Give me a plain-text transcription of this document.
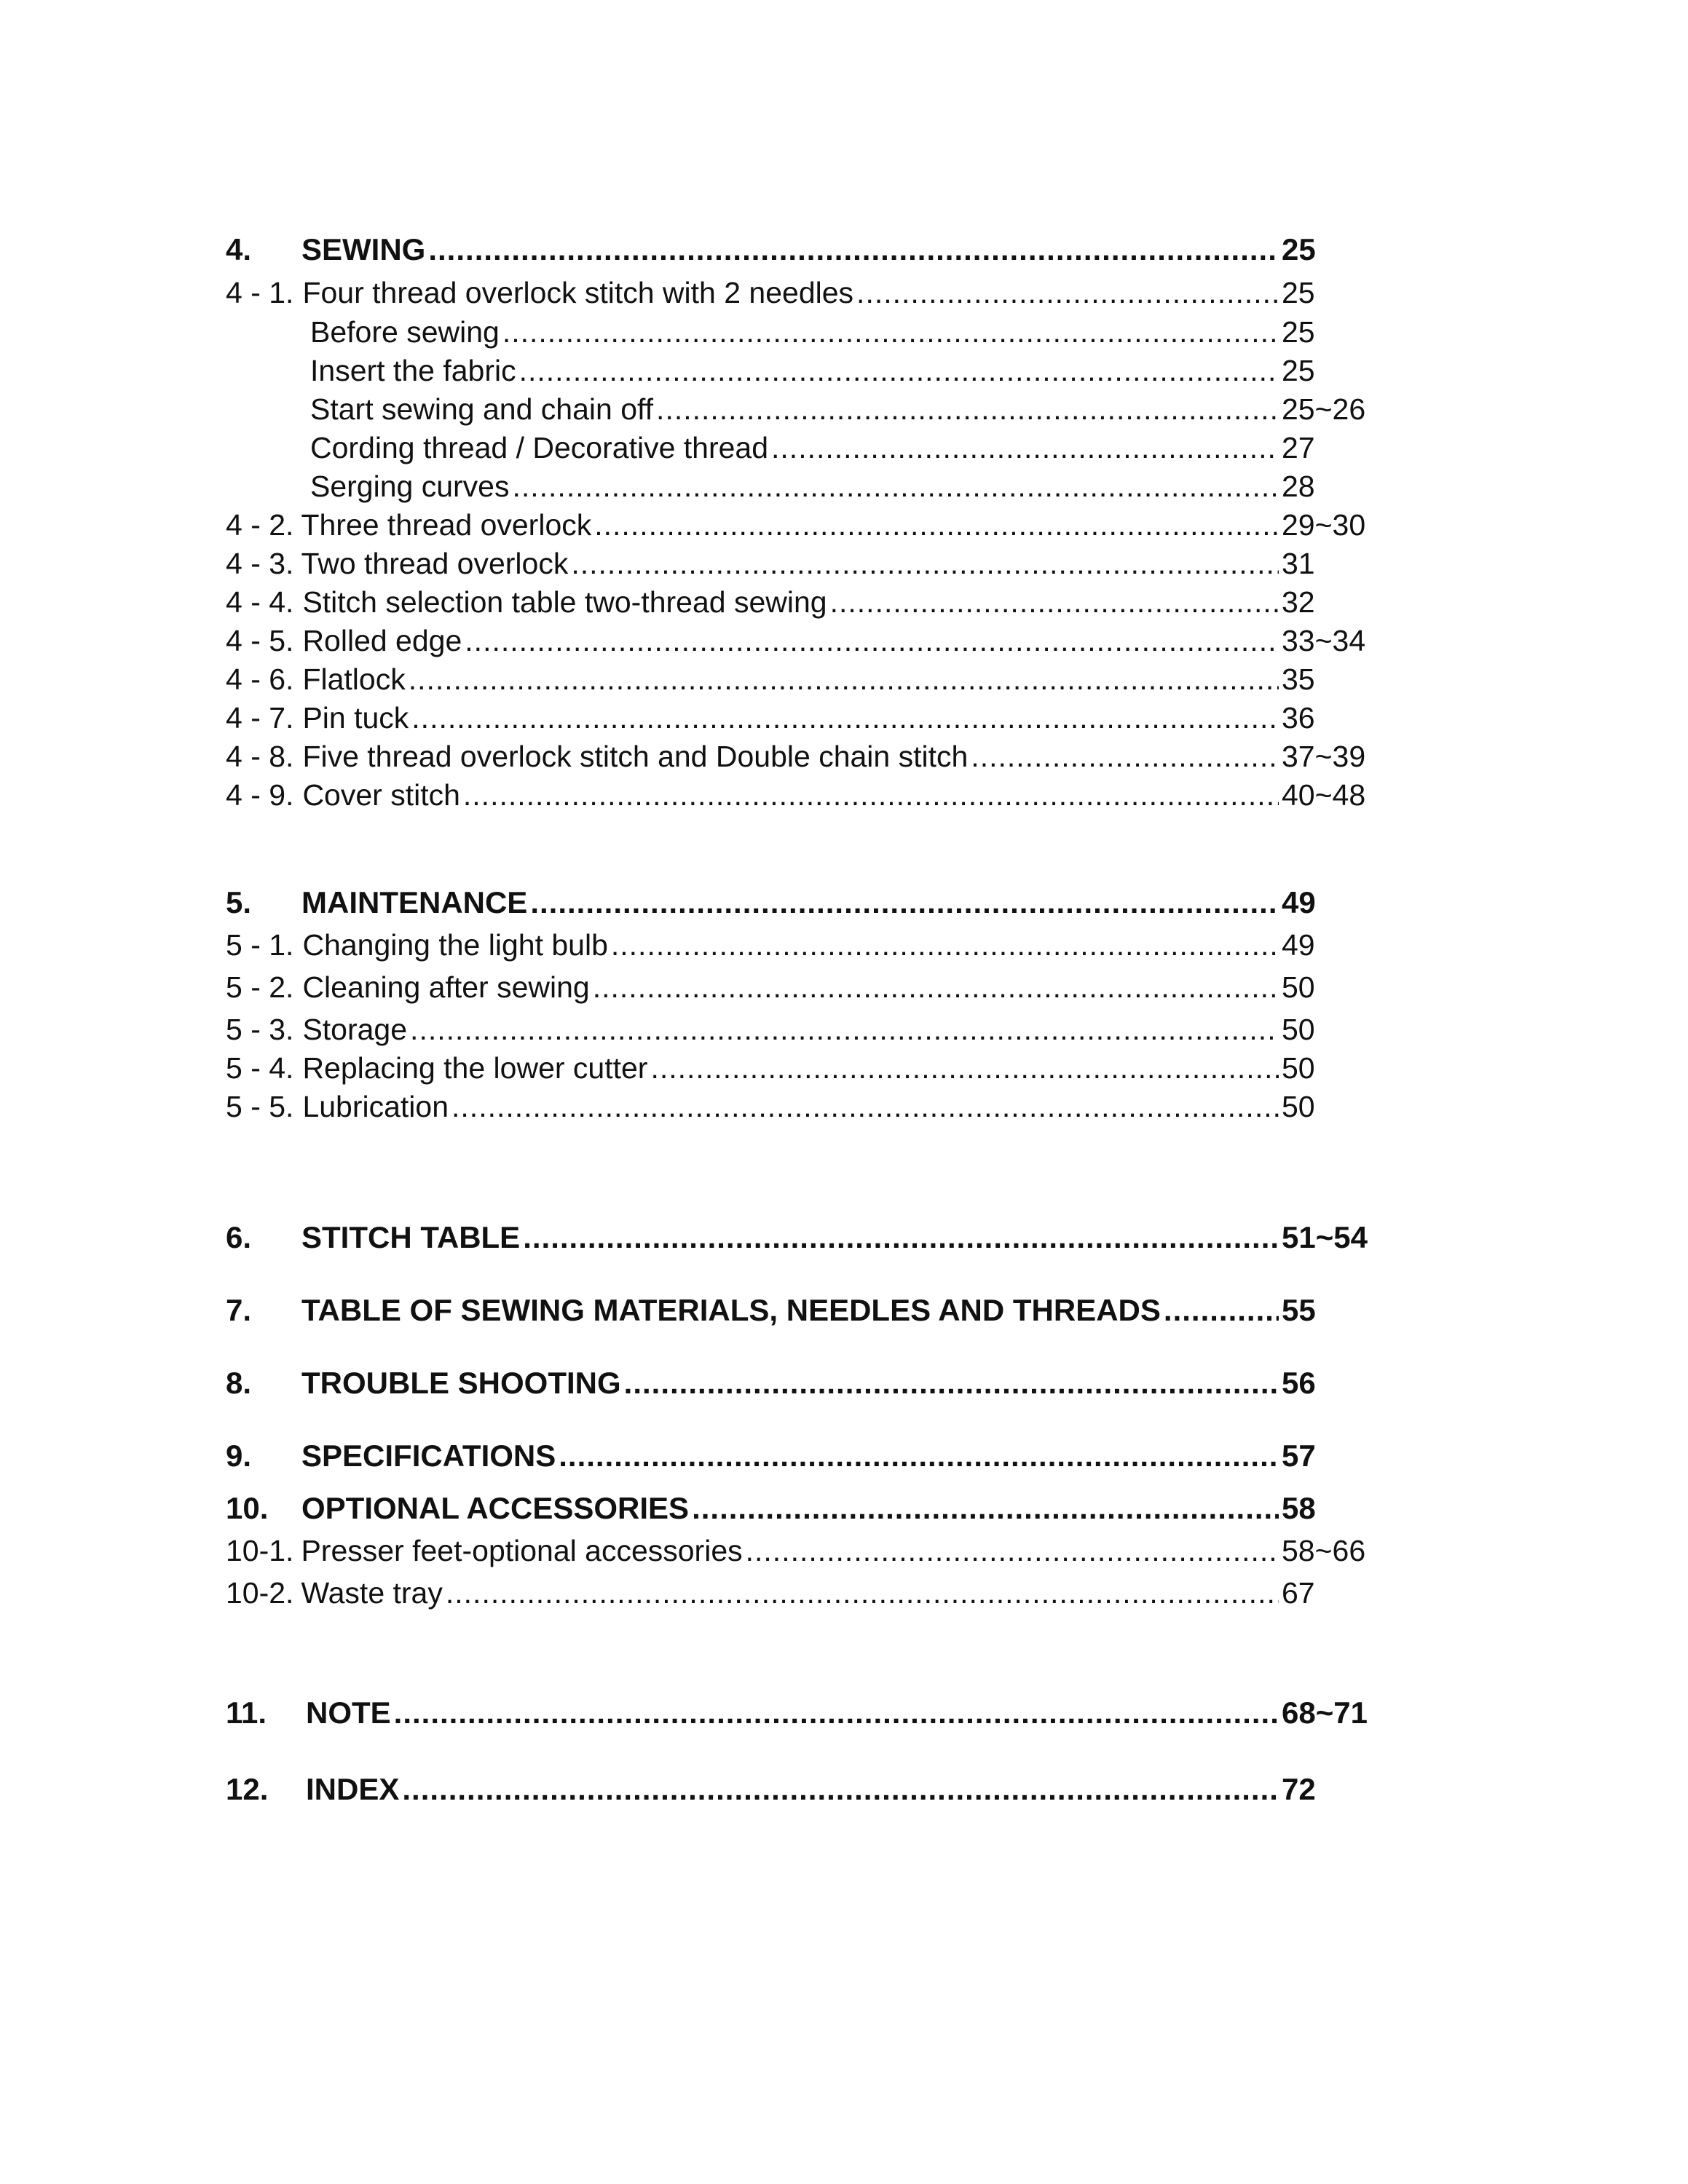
4.	SEWING .....	25
4 - 1. Four thread overlock stitch with 2 needles .....	25
Before sewing .....	25
Insert the fabric .....	25
Start sewing and chain off .....	25~26
Cording thread / Decorative thread .....	27
Serging curves .....	28
4 - 2. Three thread overlock .....	29~30
4 - 3. Two thread overlock .....	31
4 - 4. Stitch selection table two-thread sewing .....	32
4 - 5. Rolled edge .....	33~34
4 - 6. Flatlock .....	35
4 - 7. Pin tuck .....	36
4 - 8. Five thread overlock stitch and Double chain stitch .....	37~39
4 - 9. Cover stitch .....	40~48
5.	MAINTENANCE .....	49
5 - 1. Changing the light bulb .....	49
5 - 2. Cleaning after sewing .....	50
5 - 3. Storage .....	50
5 - 4. Replacing the lower cutter .....	50
5 - 5. Lubrication .....	50
6.	STITCH TABLE .....	51~54
7.	TABLE OF SEWING MATERIALS, NEEDLES AND THREADS .....	55
8.	TROUBLE SHOOTING .....	56
9.	SPECIFICATIONS .....	57
10.	OPTIONAL ACCESSORIES .....	58
10-1. Presser feet-optional accessories .....	58~66
10-2. Waste tray .....	67
11.	NOTE .....	68~71
12.	INDEX .....	72
